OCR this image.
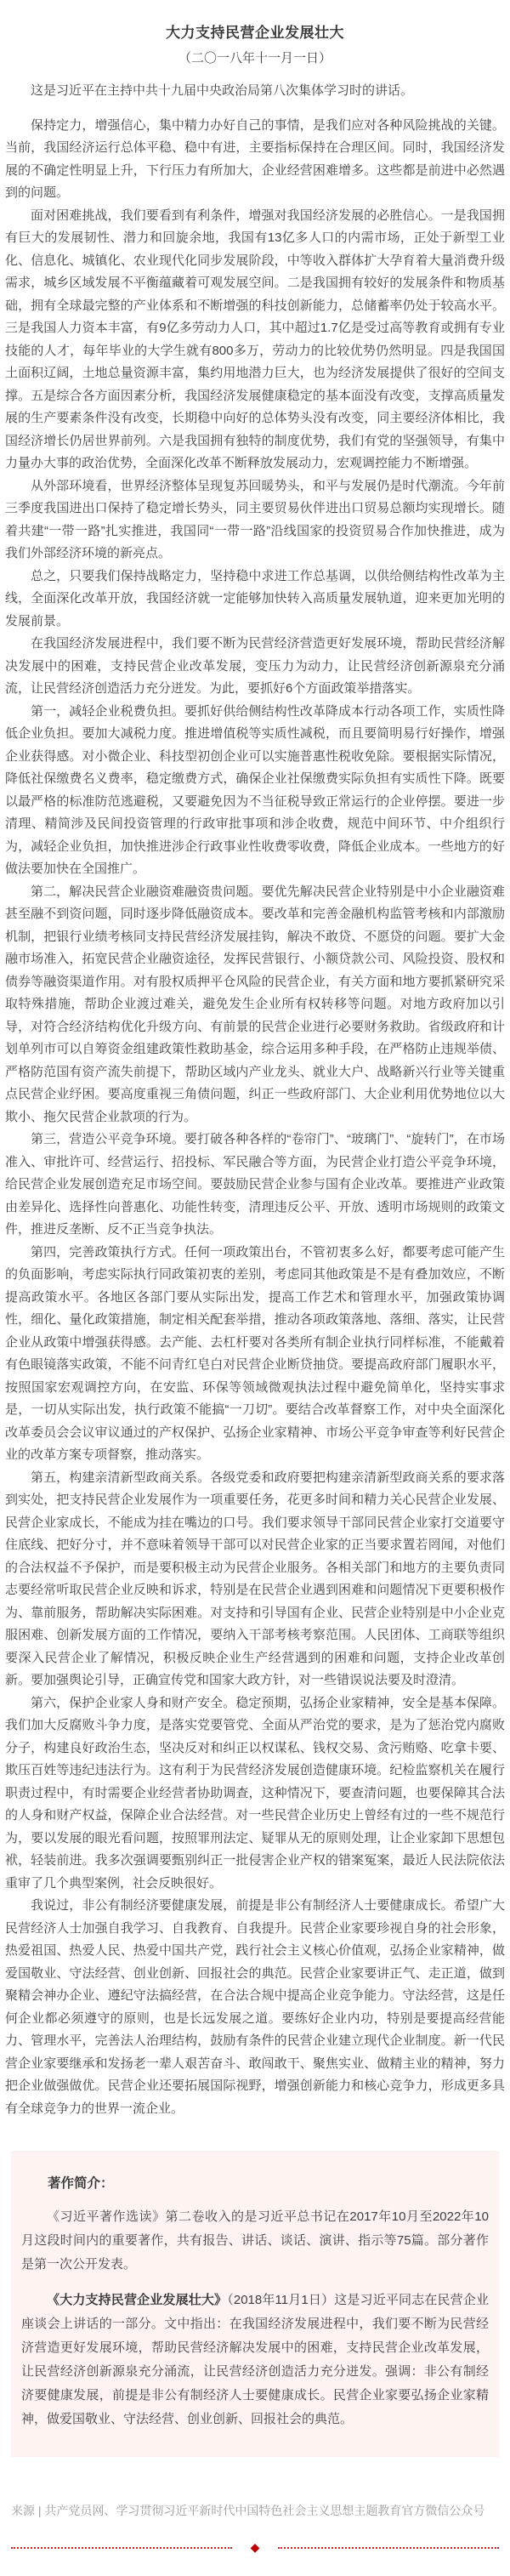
大力支持民营企业发展壮大
（二〇一八年十一月一日）

这是习近平在主持中共十九届中央政治局第八次集体学习时的讲话。

保持定力，增强信心，集中精力办好自己的事情，是我们应对各种风险挑战的关键。当前，我国经济运行总体平稳、稳中有进，主要指标保持在合理区间。同时，我国经济发展的不确定性明显上升，下行压力有所加大，企业经营困难增多。这些都是前进中必然遇到的问题。

面对困难挑战，我们要看到有利条件，增强对我国经济发展的必胜信心。一是我国拥有巨大的发展韧性、潜力和回旋余地，我国有13亿多人口的内需市场，正处于新型工业化、信息化、城镇化、农业现代化同步发展阶段，中等收入群体扩大孕育着大量消费升级需求，城乡区域发展不平衡蕴藏着可观发展空间。二是我国拥有较好的发展条件和物质基础，拥有全球最完整的产业体系和不断增强的科技创新能力，总储蓄率仍处于较高水平。三是我国人力资本丰富，有9亿多劳动力人口，其中超过1.7亿是受过高等教育或拥有专业技能的人才，每年毕业的大学生就有800多万，劳动力的比较优势仍然明显。四是我国国土面积辽阔，土地总量资源丰富，集约用地潜力巨大，也为经济发展提供了很好的空间支撑。五是综合各方面因素分析，我国经济发展健康稳定的基本面没有改变，支撑高质量发展的生产要素条件没有改变，长期稳中向好的总体势头没有改变，同主要经济体相比，我国经济增长仍居世界前列。六是我国拥有独特的制度优势，我们有党的坚强领导，有集中力量办大事的政治优势，全面深化改革不断释放发展动力，宏观调控能力不断增强。

从外部环境看，世界经济整体呈现复苏回暖势头，和平与发展仍是时代潮流。今年前三季度我国进出口保持了稳定增长势头，同主要贸易伙伴进出口贸易总额均实现增长。随着共建“一带一路”扎实推进，我国同“一带一路”沿线国家的投资贸易合作加快推进，成为我们外部经济环境的新亮点。

总之，只要我们保持战略定力，坚持稳中求进工作总基调，以供给侧结构性改革为主线，全面深化改革开放，我国经济就一定能够加快转入高质量发展轨道，迎来更加光明的发展前景。

在我国经济发展进程中，我们要不断为民营经济营造更好发展环境，帮助民营经济解决发展中的困难，支持民营企业改革发展，变压力为动力，让民营经济创新源泉充分涌流，让民营经济创造活力充分迸发。为此，要抓好6个方面政策举措落实。

第一，减轻企业税费负担。要抓好供给侧结构性改革降成本行动各项工作，实质性降低企业负担。要加大减税力度。推进增值税等实质性减税，而且要简明易行好操作，增强企业获得感。对小微企业、科技型初创企业可以实施普惠性税收免除。要根据实际情况，降低社保缴费名义费率，稳定缴费方式，确保企业社保缴费实际负担有实质性下降。既要以最严格的标准防范逃避税，又要避免因为不当征税导致正常运行的企业停摆。要进一步清理、精简涉及民间投资管理的行政审批事项和涉企收费，规范中间环节、中介组织行为，减轻企业负担，加快推进涉企行政事业性收费零收费，降低企业成本。一些地方的好做法要加快在全国推广。

第二，解决民营企业融资难融资贵问题。要优先解决民营企业特别是中小企业融资难甚至融不到资问题，同时逐步降低融资成本。要改革和完善金融机构监管考核和内部激励机制，把银行业绩考核同支持民营经济发展挂钩，解决不敢贷、不愿贷的问题。要扩大金融市场准入，拓宽民营企业融资途径，发挥民营银行、小额贷款公司、风险投资、股权和债券等融资渠道作用。对有股权质押平仓风险的民营企业，有关方面和地方要抓紧研究采取特殊措施，帮助企业渡过难关，避免发生企业所有权转移等问题。对地方政府加以引导，对符合经济结构优化升级方向、有前景的民营企业进行必要财务救助。省级政府和计划单列市可以自筹资金组建政策性救助基金，综合运用多种手段，在严格防止违规举债、严格防范国有资产流失前提下，帮助区域内产业龙头、就业大户、战略新兴行业等关键重点民营企业纾困。要高度重视三角债问题，纠正一些政府部门、大企业利用优势地位以大欺小、拖欠民营企业款项的行为。

第三，营造公平竞争环境。要打破各种各样的“卷帘门”、“玻璃门”、“旋转门”，在市场准入、审批许可、经营运行、招投标、军民融合等方面，为民营企业打造公平竞争环境，给民营企业发展创造充足市场空间。要鼓励民营企业参与国有企业改革。要推进产业政策由差异化、选择性向普惠化、功能性转变，清理违反公平、开放、透明市场规则的政策文件，推进反垄断、反不正当竞争执法。

第四，完善政策执行方式。任何一项政策出台，不管初衷多么好，都要考虑可能产生的负面影响，考虑实际执行同政策初衷的差别，考虑同其他政策是不是有叠加效应，不断提高政策水平。各地区各部门要从实际出发，提高工作艺术和管理水平，加强政策协调性，细化、量化政策措施，制定相关配套举措，推动各项政策落地、落细、落实，让民营企业从政策中增强获得感。去产能、去杠杆要对各类所有制企业执行同样标准，不能戴着有色眼镜落实政策，不能不问青红皂白对民营企业断贷抽贷。要提高政府部门履职水平，按照国家宏观调控方向，在安监、环保等领域微观执法过程中避免简单化，坚持实事求是，一切从实际出发，执行政策不能搞“一刀切”。要结合改革督察工作，对中央全面深化改革委员会会议审议通过的产权保护、弘扬企业家精神、市场公平竞争审查等利好民营企业的改革方案专项督察，推动落实。

第五，构建亲清新型政商关系。各级党委和政府要把构建亲清新型政商关系的要求落到实处，把支持民营企业发展作为一项重要任务，花更多时间和精力关心民营企业发展、民营企业家成长，不能成为挂在嘴边的口号。我们要求领导干部同民营企业家打交道要守住底线、把好分寸，并不意味着领导干部可以对民营企业家的正当要求置若罔闻，对他们的合法权益不予保护，而是要积极主动为民营企业服务。各相关部门和地方的主要负责同志要经常听取民营企业反映和诉求，特别是在民营企业遇到困难和问题情况下更要积极作为、靠前服务，帮助解决实际困难。对支持和引导国有企业、民营企业特别是中小企业克服困难、创新发展方面的工作情况，要纳入干部考核考察范围。人民团体、工商联等组织要深入民营企业了解情况，积极反映企业生产经营遇到的困难和问题，支持企业改革创新。要加强舆论引导，正确宣传党和国家大政方针，对一些错误说法要及时澄清。

第六，保护企业家人身和财产安全。稳定预期，弘扬企业家精神，安全是基本保障。我们加大反腐败斗争力度，是落实党要管党、全面从严治党的要求，是为了惩治党内腐败分子，构建良好政治生态，坚决反对和纠正以权谋私、钱权交易、贪污贿赂、吃拿卡要、欺压百姓等违纪违法行为。这有利于为民营经济发展创造健康环境。纪检监察机关在履行职责过程中，有时需要企业经营者协助调查，这种情况下，要查清问题，也要保障其合法的人身和财产权益，保障企业合法经营。对一些民营企业历史上曾经有过的一些不规范行为，要以发展的眼光看问题，按照罪刑法定、疑罪从无的原则处理，让企业家卸下思想包袱，轻装前进。我多次强调要甄别纠正一批侵害企业产权的错案冤案，最近人民法院依法重审了几个典型案例，社会反映很好。

我说过，非公有制经济要健康发展，前提是非公有制经济人士要健康成长。希望广大民营经济人士加强自我学习、自我教育、自我提升。民营企业家要珍视自身的社会形象，热爱祖国、热爱人民、热爱中国共产党，践行社会主义核心价值观，弘扬企业家精神，做爱国敬业、守法经营、创业创新、回报社会的典范。民营企业家要讲正气、走正道，做到聚精会神办企业、遵纪守法搞经营，在合法合规中提高企业竞争能力。守法经营，这是任何企业都必须遵守的原则，也是长远发展之道。要练好企业内功，特别是要提高经营能力、管理水平，完善法人治理结构，鼓励有条件的民营企业建立现代企业制度。新一代民营企业家要继承和发扬老一辈人艰苦奋斗、敢闯敢干、聚焦实业、做精主业的精神，努力把企业做强做优。民营企业还要拓展国际视野，增强创新能力和核心竞争力，形成更多具有全球竞争力的世界一流企业。

著作简介：

《习近平著作选读》第二卷收入的是习近平总书记在2017年10月至2022年10月这段时间内的重要著作，共有报告、讲话、谈话、演讲、指示等75篇。部分著作是第一次公开发表。

《大力支持民营企业发展壮大》（2018年11月1日）这是习近平同志在民营企业座谈会上讲话的一部分。文中指出：在我国经济发展进程中，我们要不断为民营经济营造更好发展环境，帮助民营经济解决发展中的困难，支持民营企业改革发展，让民营经济创新源泉充分涌流，让民营经济创造活力充分迸发。强调：非公有制经济要健康发展，前提是非公有制经济人士要健康成长。民营企业家要弘扬企业家精神，做爱国敬业、守法经营、创业创新、回报社会的典范。

来源 | 共产党员网、学习贯彻习近平新时代中国特色社会主义思想主题教育官方微信公众号
◆
